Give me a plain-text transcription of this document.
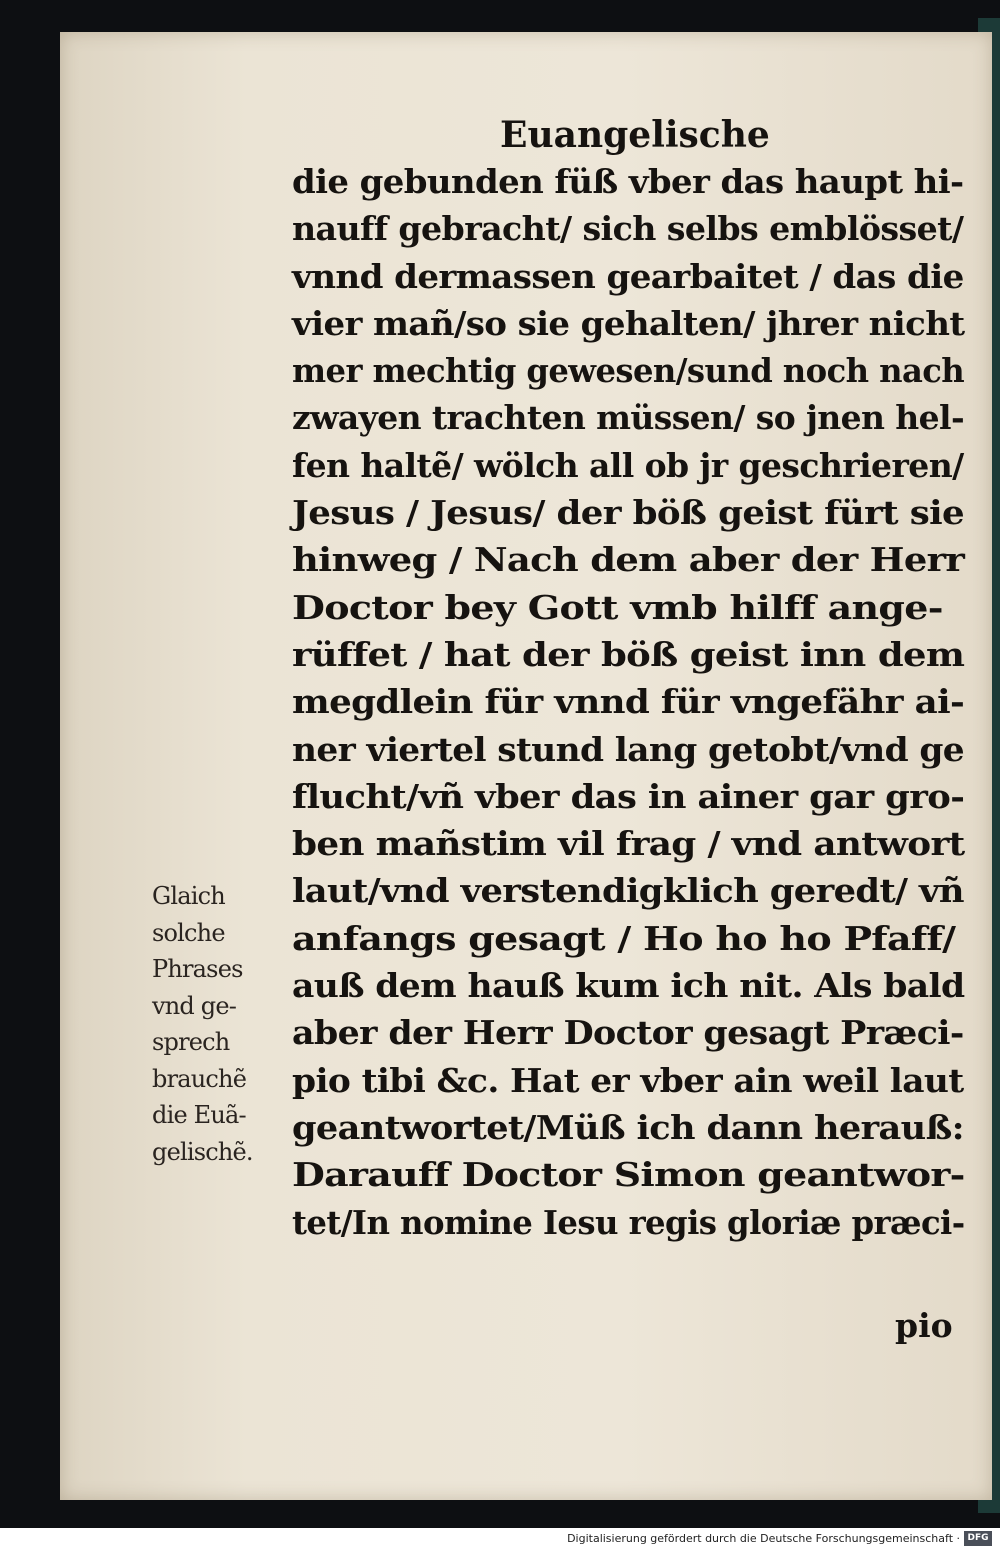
Euangelische
die gebunden füß vber das haupt hi‑
nauff gebracht/ sich selbs emblösset/
vnnd dermassen gearbaitet / das die
vier mañ/so sie gehalten/ jhrer nicht
mer mechtig gewesen/sund noch nach
zwayen trachten müssen/ so jnen hel‑
fen haltẽ/ wölch all ob jr geschrieren/
Jesus / Jesus/ der böß geist fürt sie
hinweg / Nach dem aber der Herr
Doctor bey Gott vmb hilff ange‑
rüffet / hat der böß geist inn dem
megdlein für vnnd für vngefähr ai‑
ner viertel stund lang getobt/vnd ge
flucht/vñ vber das in ainer gar gro‑
ben mañstim vil frag / vnd antwort
laut/vnd verstendigklich geredt/ vñ
anfangs gesagt / Ho ho ho Pfaff/
auß dem hauß kum ich nit. Als bald
aber der Herr Doctor gesagt Præci‑
pio tibi &c. Hat er vber ain weil laut
geantwortet/Müß ich dann herauß:
Darauff Doctor Simon geantwor‑
tet/In nomine Iesu regis gloriæ præci‑
pio
Glaich
solche
Phrases
vnd ge‑
sprech
brauchẽ
die Euã‑
gelischẽ.
Digitalisierung gefördert durch die Deutsche Forschungsgemeinschaft · DFG
